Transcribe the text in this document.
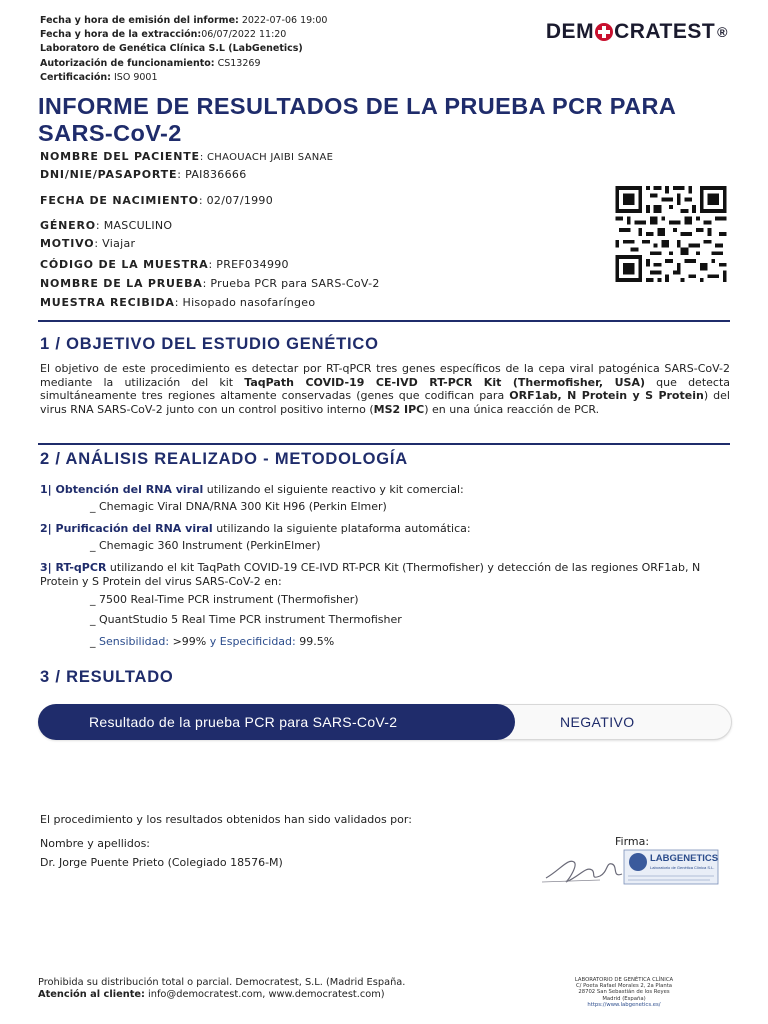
Fecha y hora de emisión del informe: 2022-07-06 19:00
Fecha y hora de la extracción:06/07/2022 11:20
Laboratoro de Genética Clínica S.L (LabGenetics)
Autorización de funcionamiento: CS13269
Certificación: ISO 9001
DEM CRATEST ®
INFORME DE RESULTADOS DE LA PRUEBA PCR PARA SARS-CoV-2
NOMBRE DEL PACIENTE: CHAOUACH JAIBI SANAE
DNI/NIE/PASAPORTE: PAI836666
FECHA DE NACIMIENTO: 02/07/1990
GÉNERO: MASCULINO
MOTIVO: Viajar
CÓDIGO DE LA MUESTRA: PREF034990
NOMBRE DE LA PRUEBA: Prueba PCR para SARS-CoV-2
MUESTRA RECIBIDA: Hisopado nasofaríngeo
1 / OBJETIVO DEL ESTUDIO GENÉTICO
El objetivo de este procedimiento es detectar por RT-qPCR tres genes específicos de la cepa viral patogénica SARS-CoV-2 mediante la utilización del kit TaqPath COVID-19 CE-IVD RT-PCR Kit (Thermofisher, USA) que detecta simultáneamente tres regiones altamente conservadas (genes que codifican para ORF1ab, N Protein y S Protein) del virus RNA SARS-CoV-2 junto con un control positivo interno (MS2 IPC) en una única reacción de PCR.
2 / ANÁLISIS REALIZADO - METODOLOGÍA
1| Obtención del RNA viral utilizando el siguiente reactivo y kit comercial:
_ Chemagic Viral DNA/RNA 300 Kit H96 (Perkin Elmer)
2| Purificación del RNA viral utilizando la siguiente plataforma automática:
_ Chemagic 360 Instrument (PerkinElmer)
3| RT-qPCR utilizando el kit TaqPath COVID-19 CE-IVD RT-PCR Kit (Thermofisher) y detección de las regiones ORF1ab, N Protein y S Protein del virus SARS-CoV-2 en:
_ 7500 Real-Time PCR instrument (Thermofisher)
_ QuantStudio 5 Real Time PCR instrument Thermofisher
_ Sensibilidad: >99% y Especificidad: 99.5%
3 / RESULTADO
Resultado de la prueba PCR para SARS-CoV-2	NEGATIVO
El procedimiento y los resultados obtenidos han sido validados por:
Nombre y apellidos:
Dr. Jorge Puente Prieto (Colegiado 18576-M)
Firma:
LABGENETICS
Laboratorio de Genética Clínica S.L.
Prohibida su distribución total o parcial. Democratest, S.L. (Madrid España.
Atención al cliente: info@democratest.com, www.democratest.com)
LABORATORIO DE GENÉTICA CLÍNICA
C/ Poeta Rafael Morales 2, 2a Planta
28702 San Sebastián de los Reyes
Madrid (España)
https://www.labgenetics.es/
